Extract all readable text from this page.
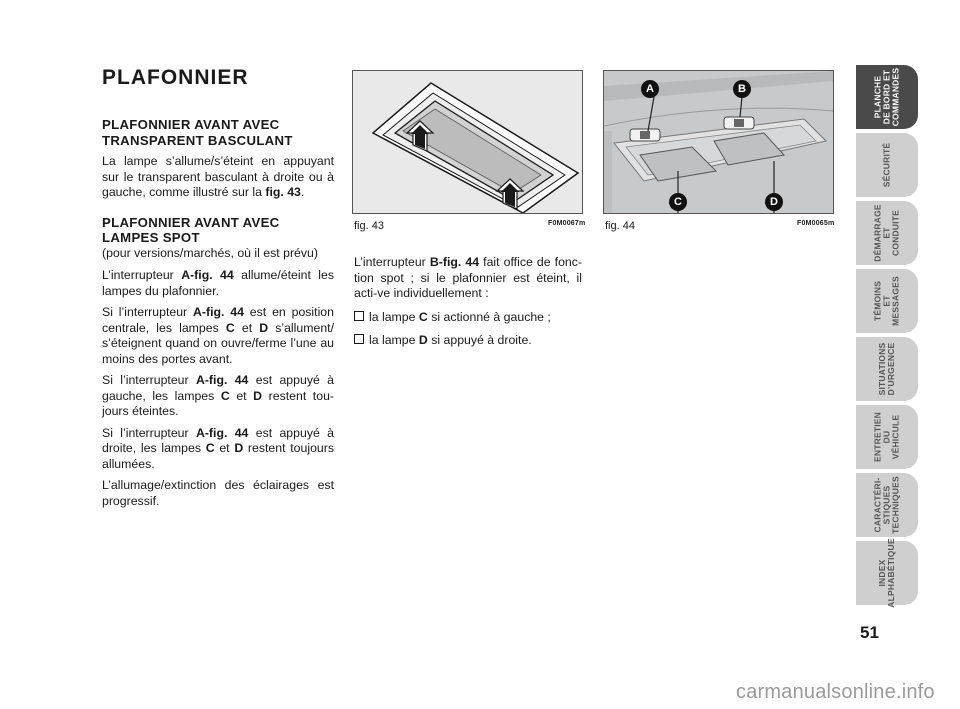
PLAFONNIER
PLAFONNIER AVANT AVEC TRANSPARENT BASCULANT

La lampe s’allume/s’éteint en appuyant sur le transparent basculant à droite ou à gauche, comme illustré sur la fig. 43.

PLAFONNIER AVANT AVEC LAMPES SPOT

(pour versions/marchés, où il est prévu)

L’interrupteur A-fig. 44 allume/éteint les lampes du plafonnier.

Si l’interrupteur A-fig. 44 est en position centrale, les lampes C et D s’allument/ s’éteignent quand on ouvre/ferme l’une au moins des portes avant.

Si l’interrupteur A-fig. 44 est appuyé à gauche, les lampes C et D restent tou-jours éteintes.

Si l’interrupteur A-fig. 44 est appuyé à droite, les lampes C et D restent toujours allumées.

L’allumage/extinction des éclairages est progressif.

fig. 43	F0M0067m
A	B
C	D
fig. 44	F0M0065m

L’interrupteur B-fig. 44 fait office de fonc-tion spot ; si le plafonnier est éteint, il acti-ve individuellement :

la lampe C si actionné à gauche ;
la lampe D si appuyé à droite.
PLANCHE
DE BORD ET
COMMANDES
SÉCURITÉ
DÉMARRAGE
ET CONDUITE
TÉMOINS
ET MESSAGES
SITUATIONS
D’URGENCE
ENTRETIEN
DU VÉHICULE
CARACTÉRI-
STIQUES
TECHNIQUES
INDEX
ALPHABÉTIQUE
51
carmanualsonline.info
